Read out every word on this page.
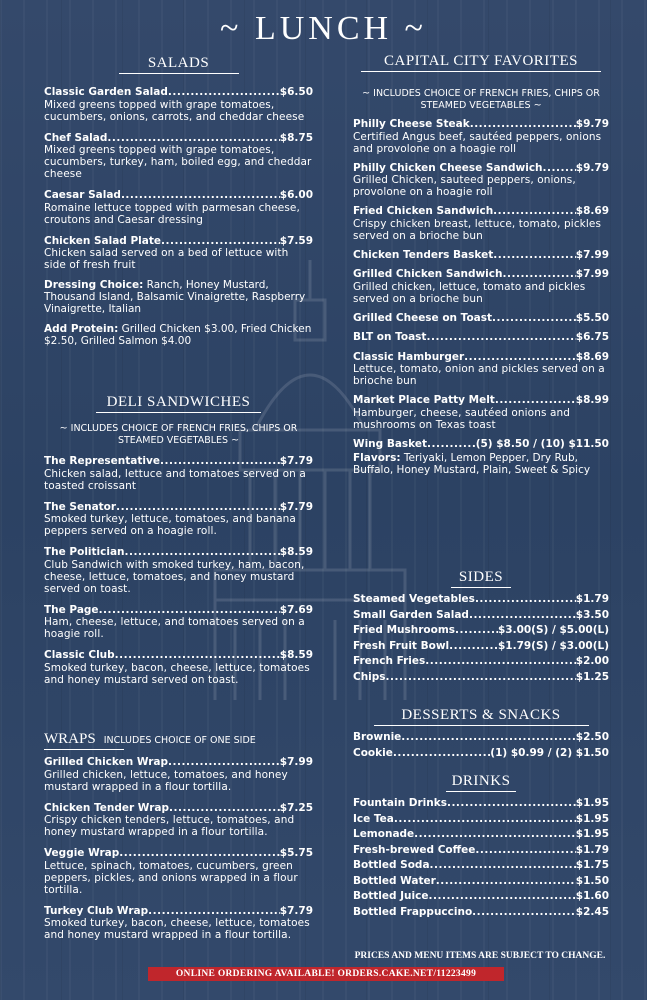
~ LUNCH ~
SALADS
Classic Garden Salad .....	$6.50
Mixed greens topped with grape tomatoes, cucumbers, onions, carrots, and cheddar cheese
Chef Salad .....	$8.75
Mixed greens topped with grape tomatoes, cucumbers, turkey, ham, boiled egg, and cheddar cheese
Caesar Salad .....	$6.00
Romaine lettuce topped with parmesan cheese, croutons and Caesar dressing
Chicken Salad Plate .....	$7.59
Chicken salad served on a bed of lettuce with side of fresh fruit
Dressing Choice: Ranch, Honey Mustard, Thousand Island, Balsamic Vinaigrette, Raspberry Vinaigrette, Italian
Add Protein: Grilled Chicken $3.00, Fried Chicken $2.50, Grilled Salmon $4.00
DELI SANDWICHES
~ INCLUDES CHOICE OF FRENCH FRIES, CHIPS OR STEAMED VEGETABLES ~
The Representative .....	$7.79
Chicken salad, lettuce and tomatoes served on a toasted croissant
The Senator .....	$7.79
Smoked turkey, lettuce, tomatoes, and banana peppers served on a hoagie roll.
The Politician .....	$8.59
Club Sandwich with smoked turkey, ham, bacon, cheese, lettuce, tomatoes, and honey mustard served on toast.
The Page .....	$7.69
Ham, cheese, lettuce, and tomatoes served on a hoagie roll.
Classic Club .....	$8.59
Smoked turkey, bacon, cheese, lettuce, tomatoes and honey mustard served on toast.
WRAPS INCLUDES CHOICE OF ONE SIDE
Grilled Chicken Wrap .....	$7.99
Grilled chicken, lettuce, tomatoes, and honey mustard wrapped in a flour tortilla.
Chicken Tender Wrap .....	$7.25
Crispy chicken tenders, lettuce, tomatoes, and honey mustard wrapped in a flour tortilla.
Veggie Wrap .....	$5.75
Lettuce, spinach, tomatoes, cucumbers, green peppers, pickles, and onions wrapped in a flour tortilla.
Turkey Club Wrap .....	$7.79
Smoked turkey, bacon, cheese, lettuce, tomatoes and honey mustard wrapped in a flour tortilla.
CAPITAL CITY FAVORITES
~ INCLUDES CHOICE OF FRENCH FRIES, CHIPS OR STEAMED VEGETABLES ~
Philly Cheese Steak .....	$9.79
Certified Angus beef, sautéed peppers, onions and provolone on a hoagie roll
Philly Chicken Cheese Sandwich .....	$9.79
Grilled Chicken, sauteed peppers, onions, provolone on a hoagie roll
Fried Chicken Sandwich .....	$8.69
Crispy chicken breast, lettuce, tomato, pickles served on a brioche bun
Chicken Tenders Basket .....	$7.99
Grilled Chicken Sandwich .....	$7.99
Grilled chicken, lettuce, tomato and pickles served on a brioche bun
Grilled Cheese on Toast .....	$5.50
BLT on Toast .....	$6.75
Classic Hamburger .....	$8.69
Lettuce, tomato, onion and pickles served on a brioche bun
Market Place Patty Melt .....	$8.99
Hamburger, cheese, sautéed onions and mushrooms on Texas toast
Wing Basket .....	(5) $8.50 / (10) $11.50
Flavors: Teriyaki, Lemon Pepper, Dry Rub, Buffalo, Honey Mustard, Plain, Sweet & Spicy
SIDES
Steamed Vegetables .....	$1.79
Small Garden Salad .....	$3.50
Fried Mushrooms .....	$3.00(S) / $5.00(L)
Fresh Fruit Bowl .....	$1.79(S) / $3.00(L)
French Fries .....	$2.00
Chips .....	$1.25
DESSERTS & SNACKS
Brownie .....	$2.50
Cookie .....	(1) $0.99 / (2) $1.50
DRINKS
Fountain Drinks .....	$1.95
Ice Tea .....	$1.95
Lemonade .....	$1.95
Fresh-brewed Coffee .....	$1.79
Bottled Soda .....	$1.75
Bottled Water .....	$1.50
Bottled Juice .....	$1.60
Bottled Frappuccino .....	$2.45
PRICES AND MENU ITEMS ARE SUBJECT TO CHANGE.
ONLINE ORDERING AVAILABLE! ORDERS.CAKE.NET/11223499
